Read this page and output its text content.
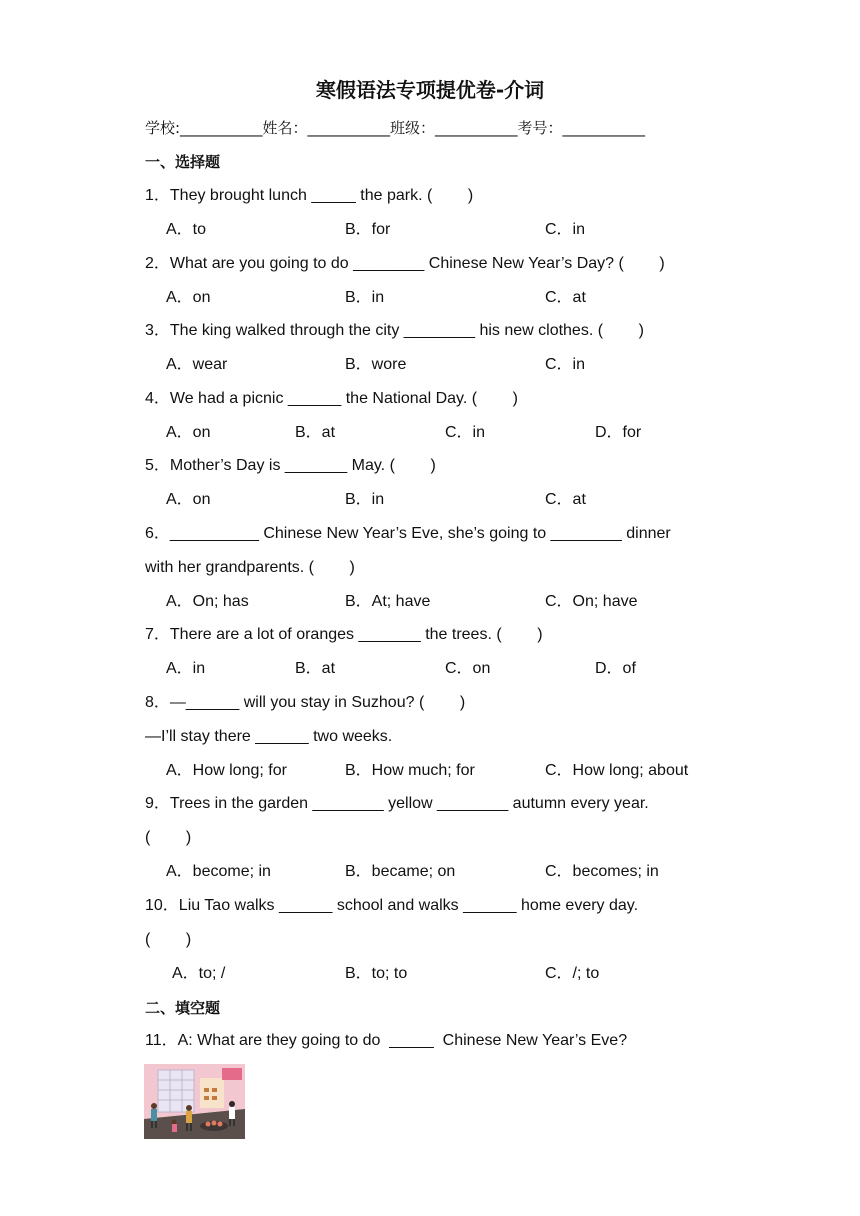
寒假语法专项提优卷-介词
学校:___________姓名：___________班级：___________考号：___________
一、选择题
1．They brought lunch _____ the park. (        )
A．to	B．for	C．in
2．What are you going to do ________ Chinese New Year’s Day? (        )
A．on	B．in	C．at
3．The king walked through the city ________ his new clothes. (        )
A．wear	B．wore	C．in
4．We had a picnic ______ the National Day. (        )
A．on	B．at	C．in	D．for
5．Mother’s Day is _______ May. (        )
A．on	B．in	C．at
6．__________ Chinese New Year’s Eve, she’s going to ________ dinner
with her grandparents. (        )
A．On; has	B．At; have	C．On; have
7．There are a lot of oranges _______ the trees. (        )
A．in	B．at	C．on	D．of
8．—______ will you stay in Suzhou? (        )
—I’ll stay there ______ two weeks.
A．How long; for	B．How much; for	C．How long; about
9．Trees in the garden ________ yellow ________ autumn every year.
(        )
A．become; in	B．became; on	C．becomes; in
10．Liu Tao walks ______ school and walks ______ home every day.
(        )
A．to; /	B．to; to	C．/; to
二、填空题
11．A: What are they going to do  _____  Chinese New Year’s Eve?
